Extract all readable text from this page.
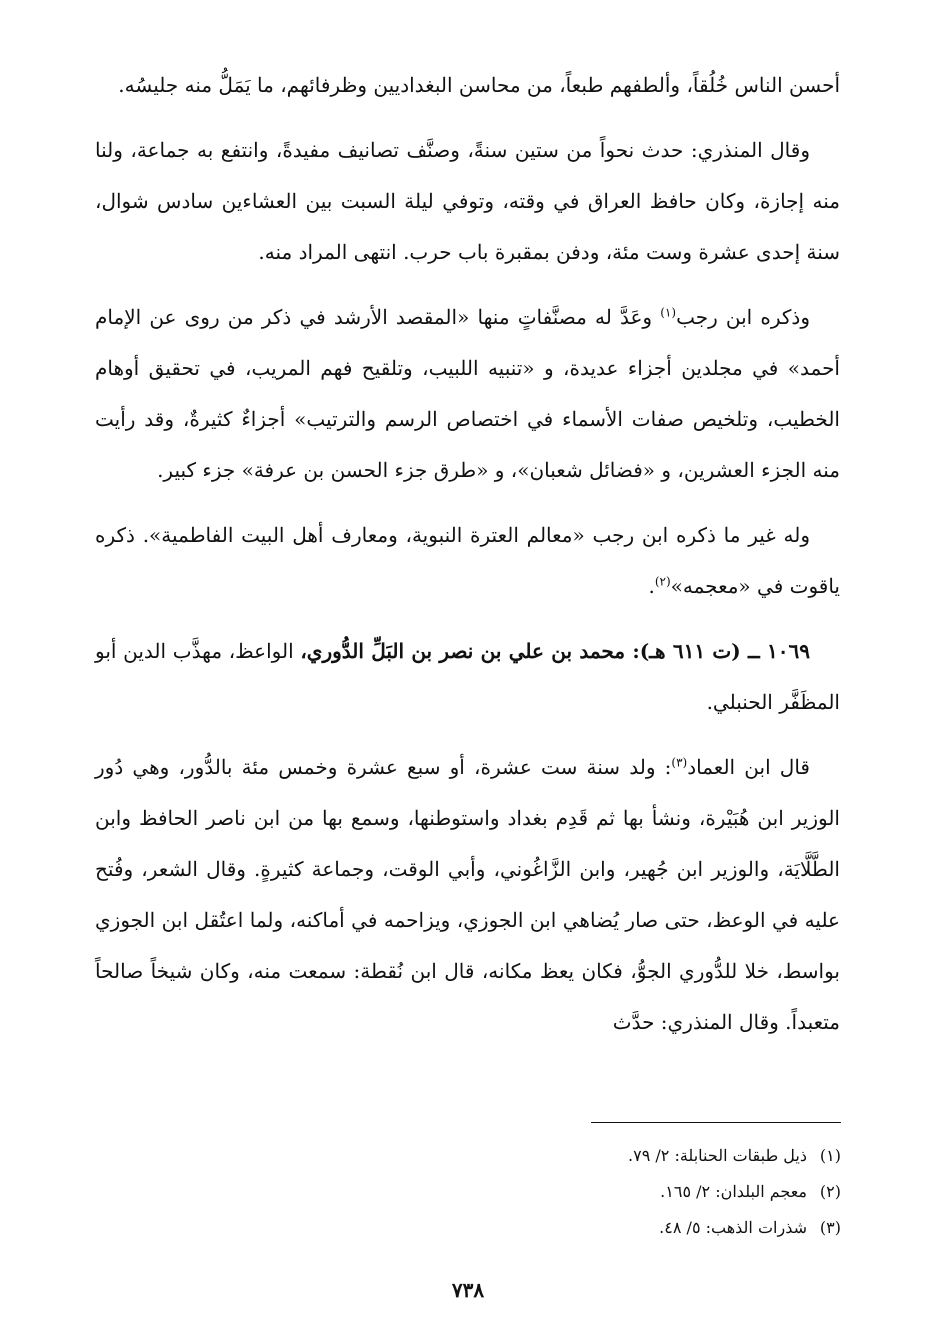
أحسن الناس خُلُقاً، وألطفهم طبعاً، من محاسن البغداديين وظرفائهم، ما يَمَلُّ منه جليسُه.

وقال المنذري: حدث نحواً من ستين سنةً، وصنَّف تصانيف مفيدةً، وانتفع به جماعة، ولنا منه إجازة، وكان حافظ العراق في وقته، وتوفي ليلة السبت بين العشاءين سادس شوال، سنة إحدى عشرة وست مئة، ودفن بمقبرة باب حرب. انتهى المراد منه.

وذكره ابن رجب$^{(١)}$ وعَدَّ له مصنَّفاتٍ منها «المقصد الأرشد في ذكر من روى عن الإمام أحمد» في مجلدين أجزاء عديدة، و «تنبيه اللبيب، وتلقيح فهم المريب، في تحقيق أوهام الخطيب، وتلخيص صفات الأسماء في اختصاص الرسم والترتيب» أجزاءٌ كثيرةٌ، وقد رأيت منه الجزء العشرين، و «فضائل شعبان»، و «طرق جزء الحسن بن عرفة» جزء كبير.

وله غير ما ذكره ابن رجب «معالم العترة النبوية، ومعارف أهل البيت الفاطمية». ذكره ياقوت في «معجمه»$^{(٢)}$.

١٠٦٩ ــ (ت ٦١١ هـ): محمد بن علي بن نصر بن البَلِّ الدُّوري، الواعظ، مهذَّب الدين أبو المظَفَّر الحنبلي.

قال ابن العماد$^{(٣)}$: ولد سنة ست عشرة، أو سبع عشرة وخمس مئة بالدُّور، وهي دُور الوزير ابن هُبَيْرة، ونشأ بها ثم قَدِم بغداد واستوطنها، وسمع بها من ابن ناصر الحافظ وابن الطَّلَّايَة، والوزير ابن جُهير، وابن الزَّاغُوني، وأبي الوقت، وجماعة كثيرةٍ. وقال الشعر، وفُتح عليه في الوعظ، حتى صار يُضاهي ابن الجوزي، ويزاحمه في أماكنه، ولما اعتُقل ابن الجوزي بواسط، خلا للدُّوري الجوُّ، فكان يعظ مكانه، قال ابن نُقطة: سمعت منه، وكان شيخاً صالحاً متعبداً. وقال المنذري: حدَّث

(١)ذيل طبقات الحنابلة: ٢/ ٧٩.
(٢)معجم البلدان: ٢/ ١٦٥.
(٣)شذرات الذهب: ٥/ ٤٨.
٧٣٨
